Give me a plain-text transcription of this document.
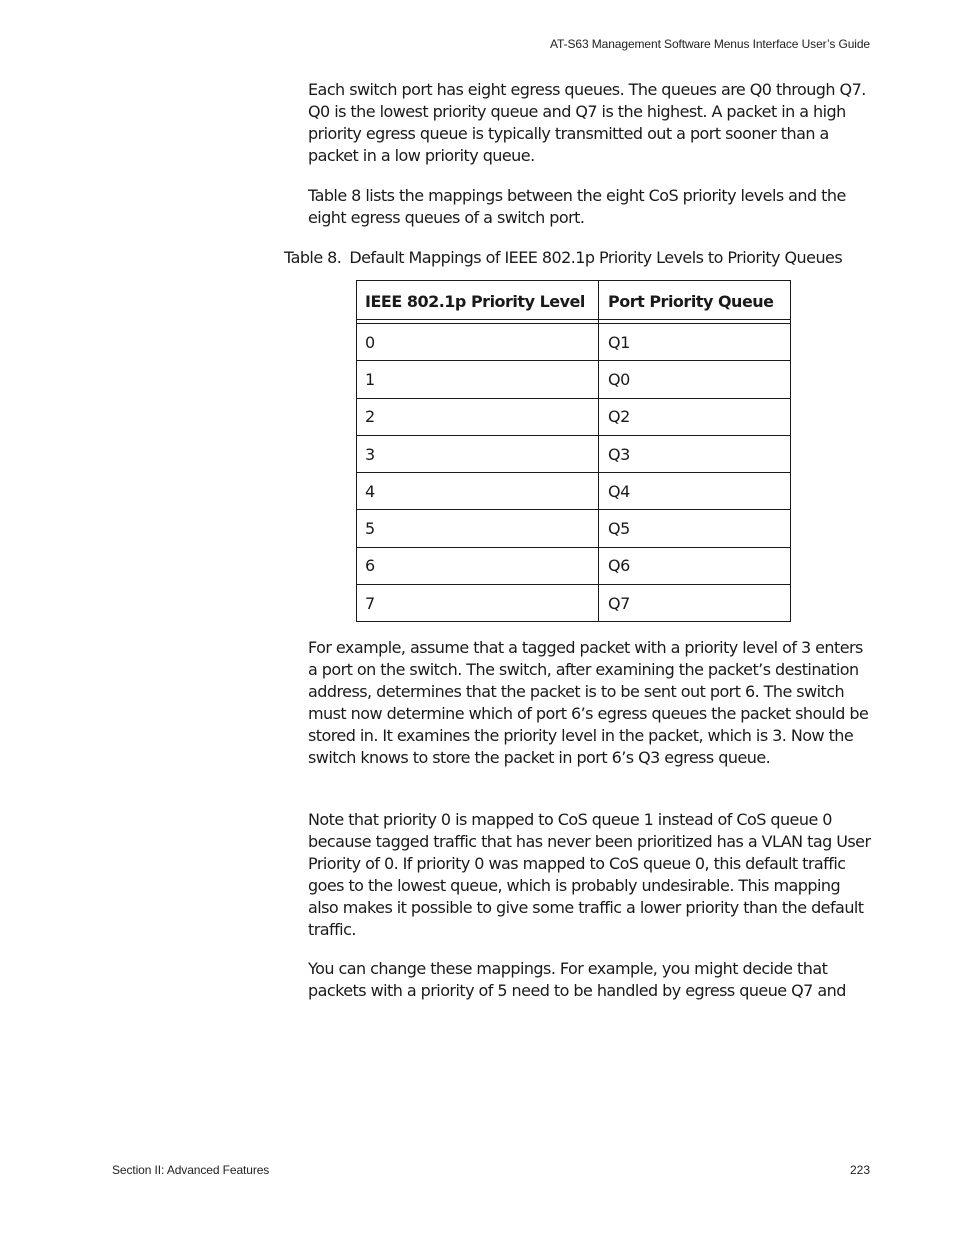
AT-S63 Management Software Menus Interface User’s Guide

Each switch port has eight egress queues. The queues are Q0 through Q7. Q0 is the lowest priority queue and Q7 is the highest. A packet in a high priority egress queue is typically transmitted out a port sooner than a packet in a low priority queue.

Table 8 lists the mappings between the eight CoS priority levels and the eight egress queues of a switch port.

Table 8. Default Mappings of IEEE 802.1p Priority Levels to Priority Queues
IEEE 802.1p Priority Level	Port Priority Queue
0	Q1
1	Q0
2	Q2
3	Q3
4	Q4
5	Q5
6	Q6
7	Q7

For example, assume that a tagged packet with a priority level of 3 enters a port on the switch. The switch, after examining the packet’s destination address, determines that the packet is to be sent out port 6. The switch must now determine which of port 6’s egress queues the packet should be stored in. It examines the priority level in the packet, which is 3. Now the switch knows to store the packet in port 6’s Q3 egress queue.

Note that priority 0 is mapped to CoS queue 1 instead of CoS queue 0 because tagged traffic that has never been prioritized has a VLAN tag User Priority of 0. If priority 0 was mapped to CoS queue 0, this default traffic goes to the lowest queue, which is probably undesirable. This mapping also makes it possible to give some traffic a lower priority than the default traffic.

You can change these mappings. For example, you might decide that packets with a priority of 5 need to be handled by egress queue Q7 and

Section II: Advanced Features	223
